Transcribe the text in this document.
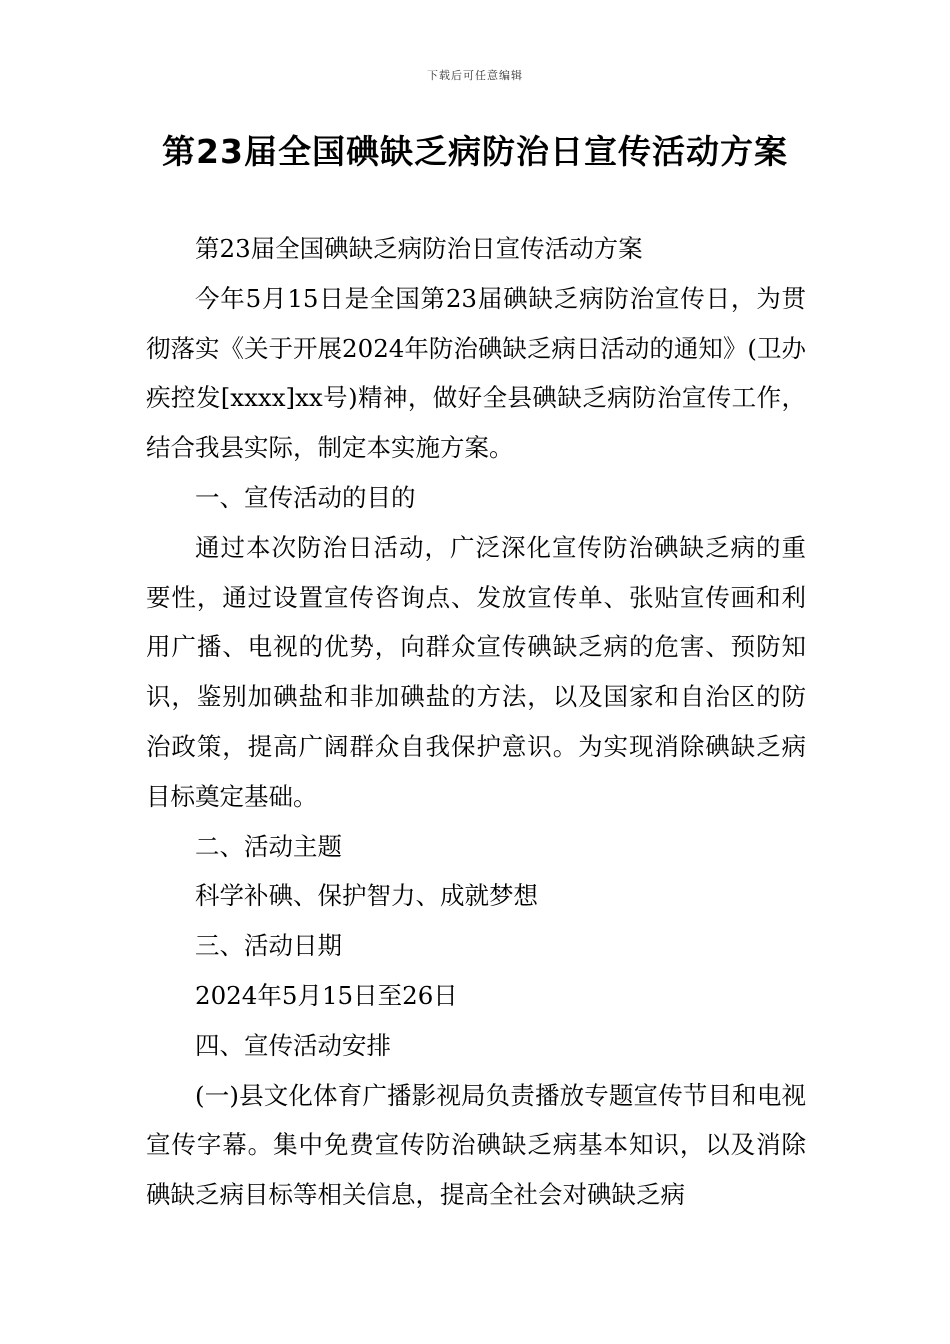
下载后可任意编辑
第23届全国碘缺乏病防治日宣传活动方案

第23届全国碘缺乏病防治日宣传活动方案

今年5月15日是全国第23届碘缺乏病防治宣传日，为贯彻落实《关于开展2024年防治碘缺乏病日活动的通知》(卫办疾控发[xxxx]xx号)精神，做好全县碘缺乏病防治宣传工作，结合我县实际，制定本实施方案。

一、宣传活动的目的

通过本次防治日活动，广泛深化宣传防治碘缺乏病的重要性，通过设置宣传咨询点、发放宣传单、张贴宣传画和利用广播、电视的优势，向群众宣传碘缺乏病的危害、预防知识，鉴别加碘盐和非加碘盐的方法，以及国家和自治区的防治政策，提高广阔群众自我保护意识。为实现消除碘缺乏病目标奠定基础。

二、活动主题

科学补碘、保护智力、成就梦想

三、活动日期

2024年5月15日至26日

四、宣传活动安排

(一)县文化体育广播影视局负责播放专题宣传节目和电视宣传字幕。集中免费宣传防治碘缺乏病基本知识，以及消除碘缺乏病目标等相关信息，提高全社会对碘缺乏病
